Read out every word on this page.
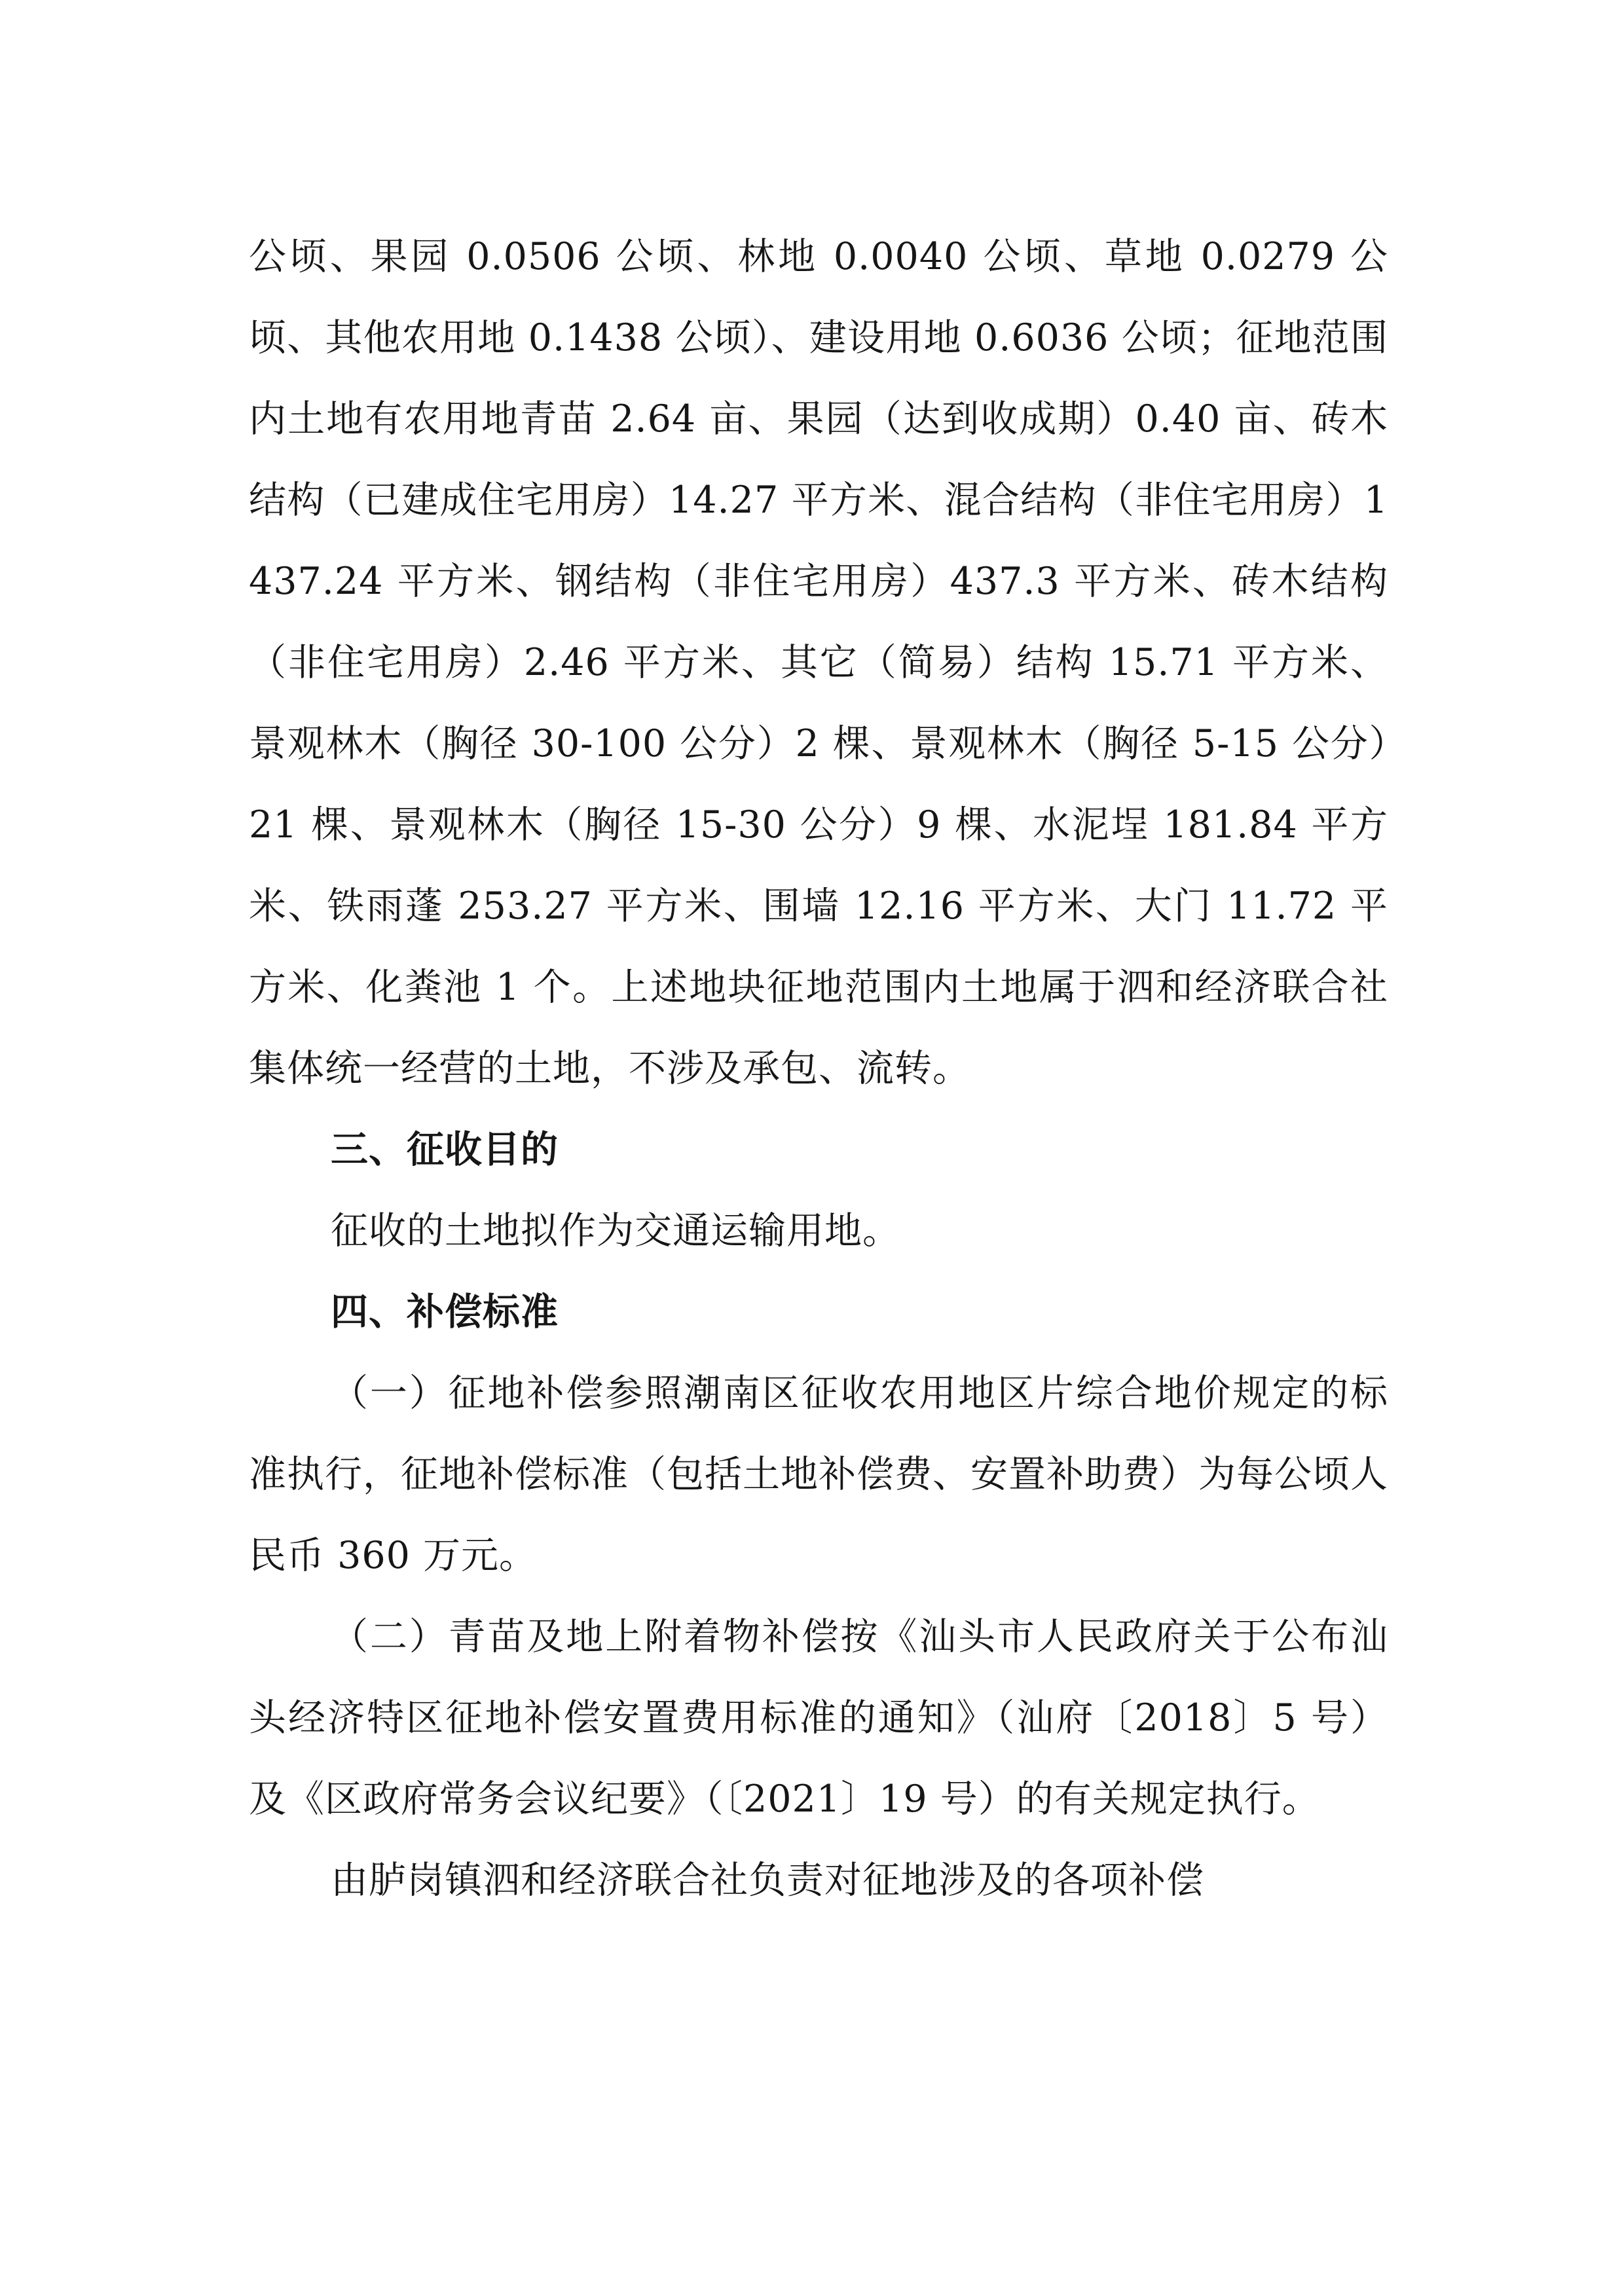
公顷、果园 0.0506 公顷、林地 0.0040 公顷、草地 0.0279 公顷、其他农用地 0.1438 公顷）、建设用地 0.6036 公顷；征地范围内土地有农用地青苗 2.64 亩、果园（达到收成期）0.40 亩、砖木结构（已建成住宅用房）14.27 平方米、混合结构（非住宅用房）1437.24 平方米、钢结构（非住宅用房）437.3 平方米、砖木结构（非住宅用房）2.46 平方米、其它（简易）结构 15.71 平方米、景观林木（胸径 30-100 公分）2 棵、景观林木（胸径 5-15 公分）21 棵、景观林木（胸径 15-30 公分）9 棵、水泥埕 181.84 平方米、铁雨蓬 253.27 平方米、围墙 12.16 平方米、大门 11.72 平方米、化粪池 1 个。上述地块征地范围内土地属于泗和经济联合社集体统一经营的土地，不涉及承包、流转。

三、征收目的

征收的土地拟作为交通运输用地。

四、补偿标准

（一）征地补偿参照潮南区征收农用地区片综合地价规定的标准执行，征地补偿标准（包括土地补偿费、安置补助费）为每公顷人民币 360 万元。

（二）青苗及地上附着物补偿按《汕头市人民政府关于公布汕头经济特区征地补偿安置费用标准的通知》（汕府〔2018〕5 号）及《区政府常务会议纪要》（〔2021〕19 号）的有关规定执行。

由胪岗镇泗和经济联合社负责对征地涉及的各项补偿
